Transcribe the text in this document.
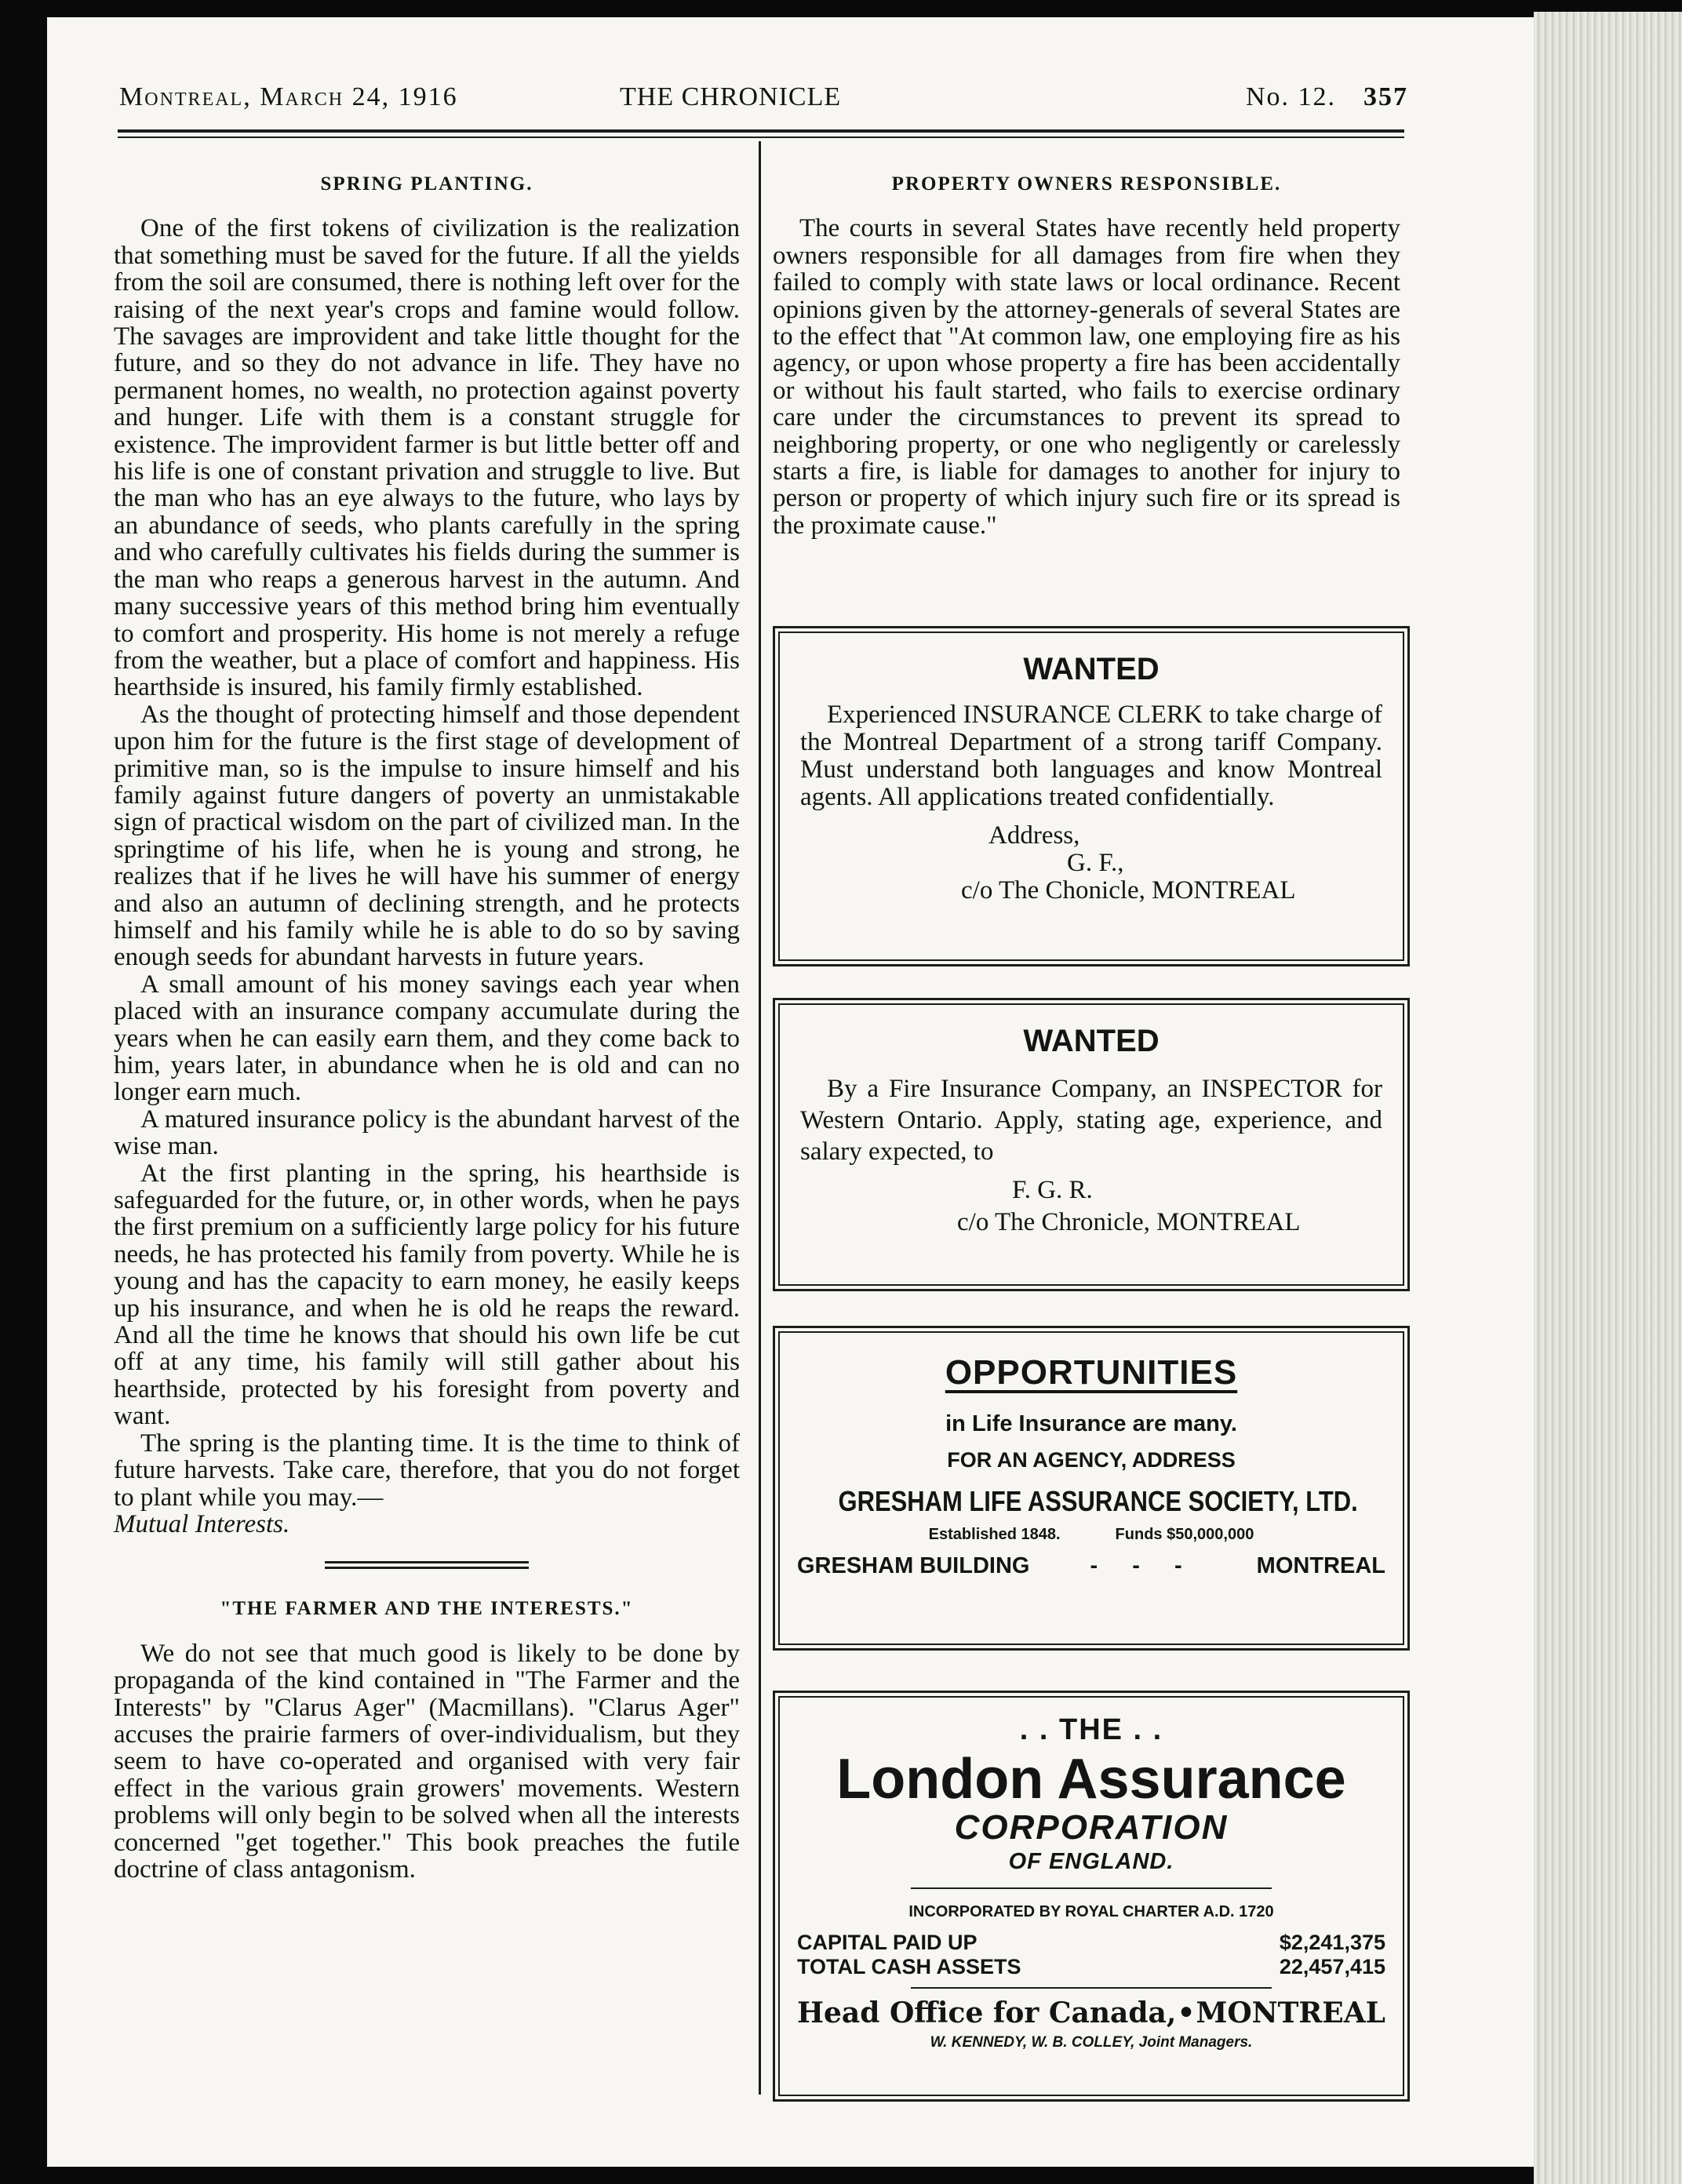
Montreal, March 24, 1916	THE CHRONICLE	No. 12. 357
SPRING PLANTING.

One of the first tokens of civilization is the realization that something must be saved for the future. If all the yields from the soil are consumed, there is nothing left over for the raising of the next year's crops and famine would follow. The savages are improvident and take little thought for the future, and so they do not advance in life. They have no permanent homes, no wealth, no protection against poverty and hunger. Life with them is a constant struggle for existence. The improvident farmer is but little better off and his life is one of constant privation and struggle to live. But the man who has an eye always to the future, who lays by an abundance of seeds, who plants carefully in the spring and who carefully cultivates his fields during the summer is the man who reaps a generous harvest in the autumn. And many successive years of this method bring him eventually to comfort and prosperity. His home is not merely a refuge from the weather, but a place of comfort and happiness. His hearthside is insured, his family firmly established.

As the thought of protecting himself and those dependent upon him for the future is the first stage of development of primitive man, so is the impulse to insure himself and his family against future dangers of poverty an unmistakable sign of practical wisdom on the part of civilized man. In the springtime of his life, when he is young and strong, he realizes that if he lives he will have his summer of energy and also an autumn of declining strength, and he protects himself and his family while he is able to do so by saving enough seeds for abundant harvests in future years.

A small amount of his money savings each year when placed with an insurance company accumulate during the years when he can easily earn them, and they come back to him, years later, in abundance when he is old and can no longer earn much.

A matured insurance policy is the abundant harvest of the wise man.

At the first planting in the spring, his hearthside is safeguarded for the future, or, in other words, when he pays the first premium on a sufficiently large policy for his future needs, he has protected his family from poverty. While he is young and has the capacity to earn money, he easily keeps up his insurance, and when he is old he reaps the reward. And all the time he knows that should his own life be cut off at any time, his family will still gather about his hearthside, protected by his foresight from poverty and want.

The spring is the planting time. It is the time to think of future harvests. Take care, therefore, that you do not forget to plant while you may.—

Mutual Interests.

"THE FARMER AND THE INTERESTS."

We do not see that much good is likely to be done by propaganda of the kind contained in "The Farmer and the Interests" by "Clarus Ager" (Macmillans). "Clarus Ager" accuses the prairie farmers of over-individualism, but they seem to have co-operated and organised with very fair effect in the various grain growers' movements. Western problems will only begin to be solved when all the interests concerned "get together." This book preaches the futile doctrine of class antagonism.

PROPERTY OWNERS RESPONSIBLE.

The courts in several States have recently held property owners responsible for all damages from fire when they failed to comply with state laws or local ordinance. Recent opinions given by the attorney-generals of several States are to the effect that "At common law, one employing fire as his agency, or upon whose property a fire has been accidentally or without his fault started, who fails to exercise ordinary care under the circumstances to prevent its spread to neighboring property, or one who negligently or carelessly starts a fire, is liable for damages to another for injury to person or property of which injury such fire or its spread is the proximate cause."

WANTED
Experienced INSURANCE CLERK to take charge of the Montreal Department of a strong tariff Company. Must understand both languages and know Montreal agents. All applications treated confidentially.
Address,
G. F.,
c/o The Chonicle, MONTREAL
WANTED
By a Fire Insurance Company, an INSPECTOR for Western Ontario. Apply, stating age, experience, and salary expected, to
F. G. R.
c/o The Chronicle, MONTREAL
OPPORTUNITIES
in Life Insurance are many.
FOR AN AGENCY, ADDRESS
GRESHAM LIFE ASSURANCE SOCIETY, LTD.
Established 1848.	Funds $50,000,000
GRESHAM BUILDING	- - -	MONTREAL
. . THE . .
London Assurance
CORPORATION
OF ENGLAND.
INCORPORATED BY ROYAL CHARTER A.D. 1720
CAPITAL PAID UP	$2,241,375
TOTAL CASH ASSETS	22,457,415
Head Office for Canada, • MONTREAL
W. KENNEDY, W. B. COLLEY, Joint Managers.
